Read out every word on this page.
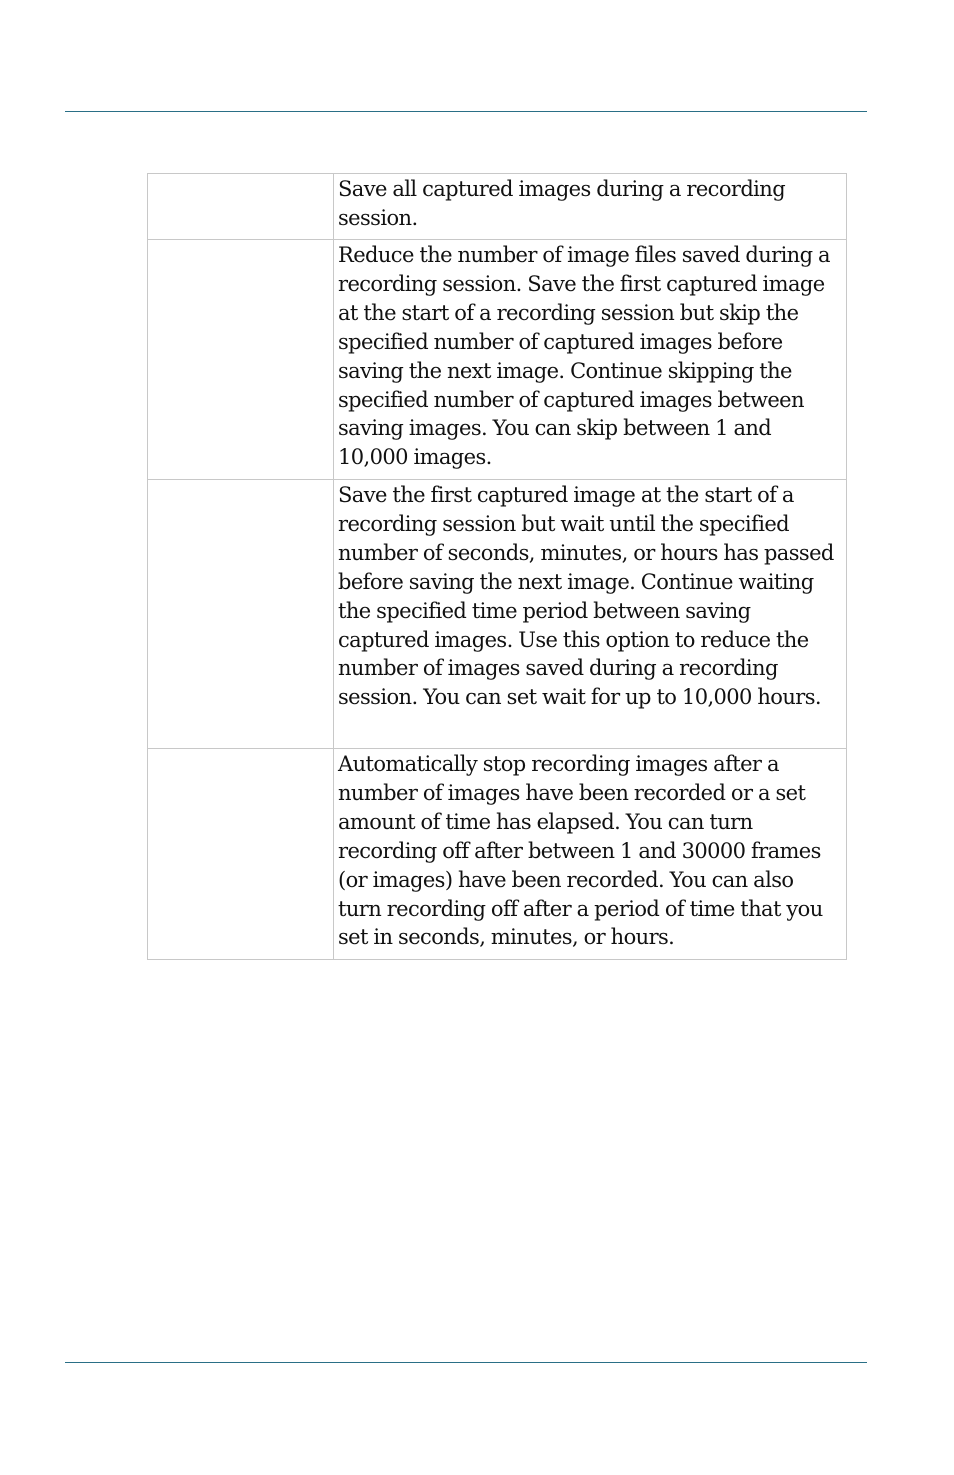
	Save all captured images during a recording session.
	Reduce the number of image files saved during a recording session. Save the first captured image at the start of a recording session but skip the specified number of captured images before saving the next image. Continue skipping the specified number of captured images between saving images. You can skip between 1 and 10,000 images.
	Save the first captured image at the start of a recording session but wait until the specified number of seconds, minutes, or hours has passed before saving the next image. Continue waiting the specified time period between saving captured images. Use this option to reduce the number of images saved during a recording session. You can set wait for up to 10,000 hours.
	Automatically stop recording images after a number of images have been recorded or a set amount of time has elapsed. You can turn recording off after between 1 and 30000 frames (or images) have been recorded. You can also turn recording off after a period of time that you set in seconds, minutes, or hours.
